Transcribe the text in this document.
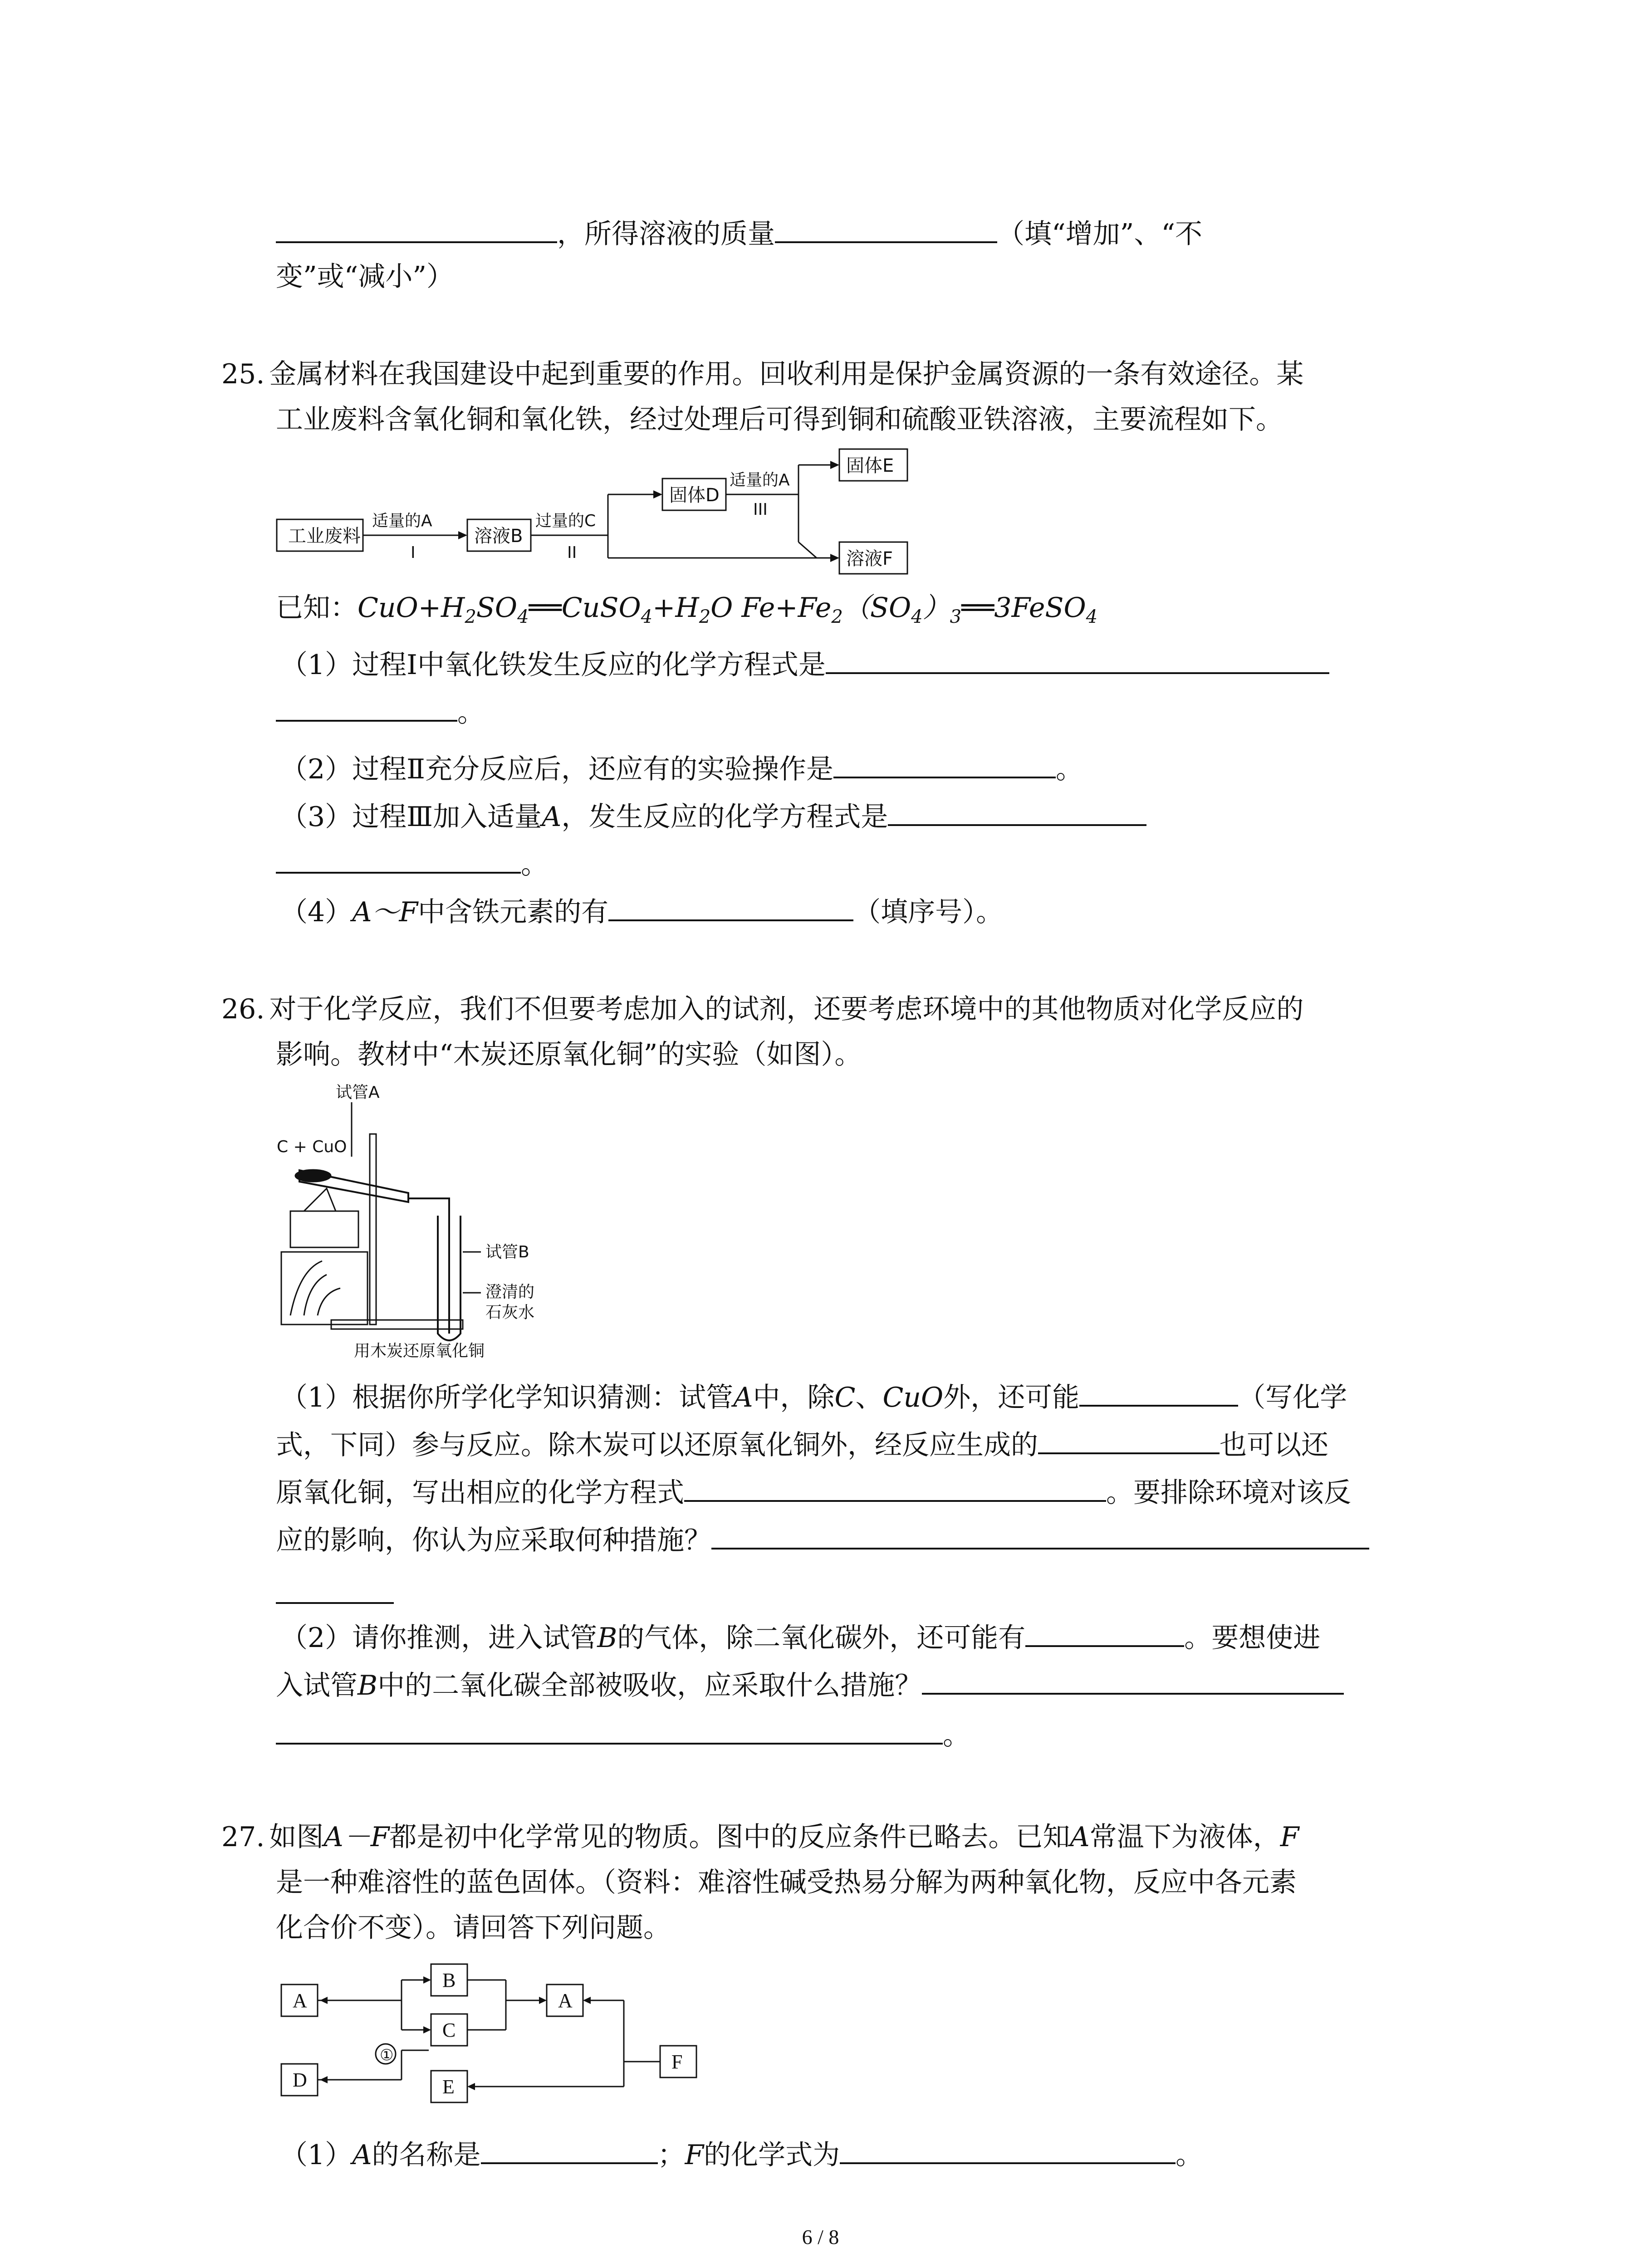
，所得溶液的质量	（填“增加”、“不
变”或“减小”）
25. 金属材料在我国建设中起到重要的作用。回收利用是保护金属资源的一条有效途径。某
工业废料含氧化铜和氧化铁，经过处理后可得到铜和硫酸亚铁溶液，主要流程如下。
工业废料	溶液B
固体D
固体E
溶液F
适量的A
I
过量的C
II
适量的A
III
已知：$CuO+H_2SO_4══CuSO_4+H_2O$ $Fe+Fe_2(SO_4)_3══3FeSO_4$
（1）过程Ⅰ中氧化铁发生反应的化学方程式是
。
（2）过程Ⅱ充分反应后，还应有的实验操作是	。
（3）过程Ⅲ加入适量A，发生反应的化学方程式是
。
（4）A～F中含铁元素的有	（填序号）。
26. 对于化学反应，我们不但要考虑加入的试剂，还要考虑环境中的其他物质对化学反应的
影响。教材中“木炭还原氧化铜”的实验（如图）。
试管A
C + CuO
试管B
澄清的
石灰水
用木炭还原氧化铜
（1）根据你所学化学知识猜测：试管A中，除C、CuO外，还可能	（写化学
式，下同）参与反应。除木炭可以还原氧化铜外，经反应生成的	也可以还
原氧化铜，写出相应的化学方程式	。要排除环境对该反
应的影响，你认为应采取何种措施？
（2）请你推测，进入试管B的气体，除二氧化碳外，还可能有	。要想使进
入试管B中的二氧化碳全部被吸收，应采取什么措施？
。
27. 如图A－F都是初中化学常见的物质。图中的反应条件已略去。已知A常温下为液体，F
是一种难溶性的蓝色固体。（资料：难溶性碱受热易分解为两种氧化物，反应中各元素
化合价不变）。请回答下列问题。
A
D
B
C
E
A
F
①
（1）A的名称是	；F的化学式为	。
6 / 8
